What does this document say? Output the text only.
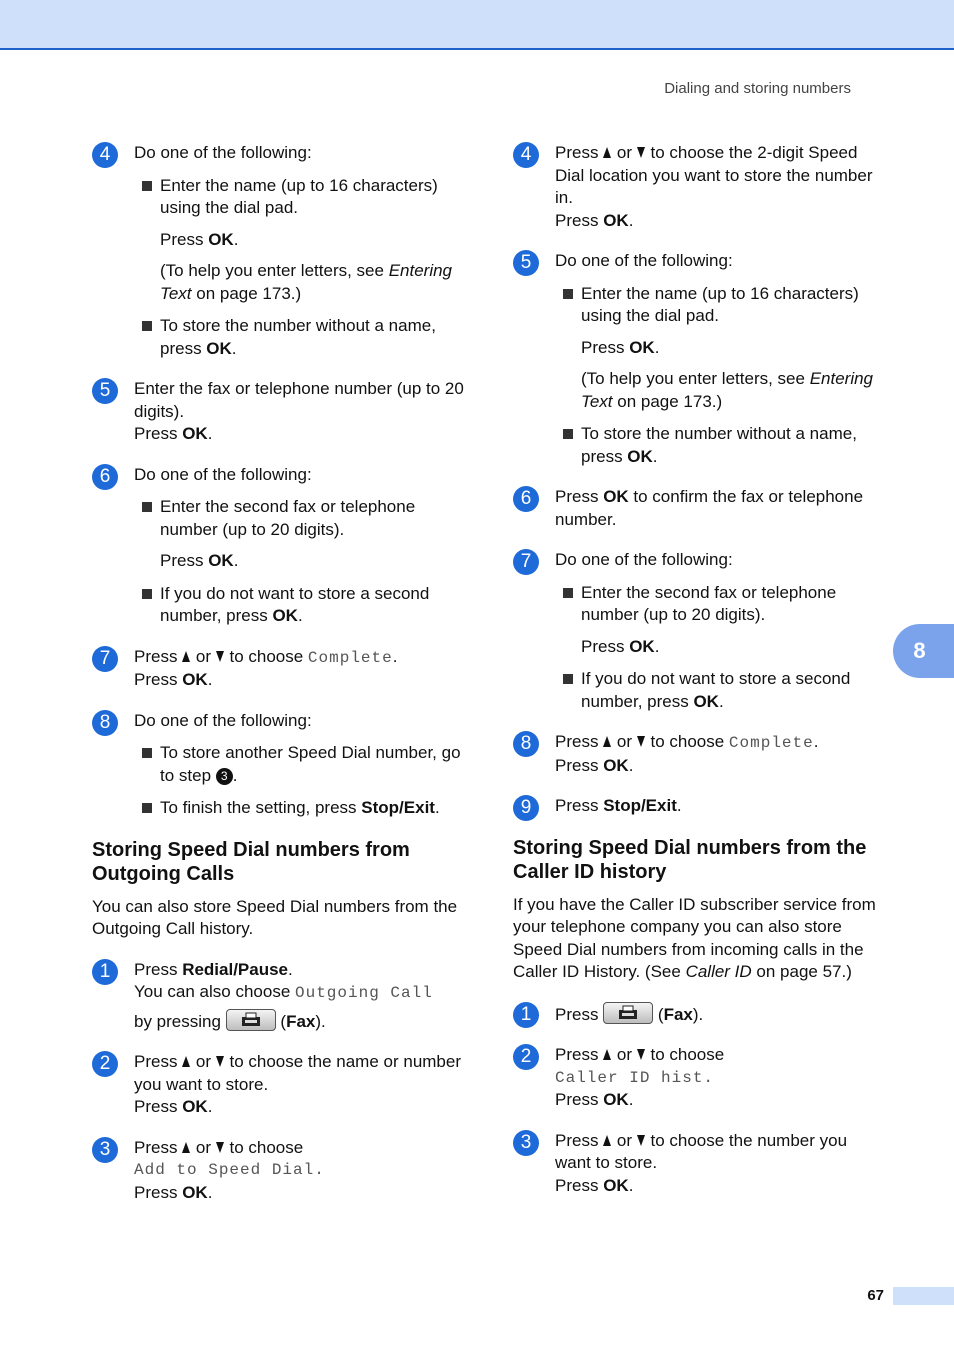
Dialing and storing numbers
4	Do one of the following:
Enter the name (up to 16 characters) using the dial pad.
Press OK.
(To help you enter letters, see Entering Text on page 173.)
To store the number without a name, press OK.
5	Enter the fax or telephone number (up to 20 digits).
Press OK.
6	Do one of the following:
Enter the second fax or telephone number (up to 20 digits).
Press OK.
If you do not want to store a second number, press OK.
7	Press  or  to choose Complete.
Press OK.
8	Do one of the following:
To store another Speed Dial number, go to step 3 .
To finish the setting, press Stop/Exit.
Storing Speed Dial numbers from Outgoing Calls
You can also store Speed Dial numbers from the Outgoing Call history.
1	Press Redial/Pause.
You can also choose Outgoing Call
by pressing	(Fax).
2	Press  or  to choose the name or number you want to store.
Press OK.
3	Press  or  to choose
Add to Speed Dial.
Press OK.
4	Press  or  to choose the 2-digit Speed Dial location you want to store the number in.
Press OK.
5	Do one of the following:
Enter the name (up to 16 characters) using the dial pad.
Press OK.
(To help you enter letters, see Entering Text on page 173.)
To store the number without a name, press OK.
6	Press OK to confirm the fax or telephone number.
7	Do one of the following:
Enter the second fax or telephone number (up to 20 digits).
Press OK.
If you do not want to store a second number, press OK.
8	Press  or  to choose Complete.
Press OK.
9	Press Stop/Exit.
Storing Speed Dial numbers from the Caller ID history
If you have the Caller ID subscriber service from your telephone company you can also store Speed Dial numbers from incoming calls in the Caller ID History. (See Caller ID on page 57.)
1	Press	(Fax).
2	Press  or  to choose
Caller ID hist.
Press OK.
3	Press  or  to choose the number you want to store.
Press OK.
8
67
